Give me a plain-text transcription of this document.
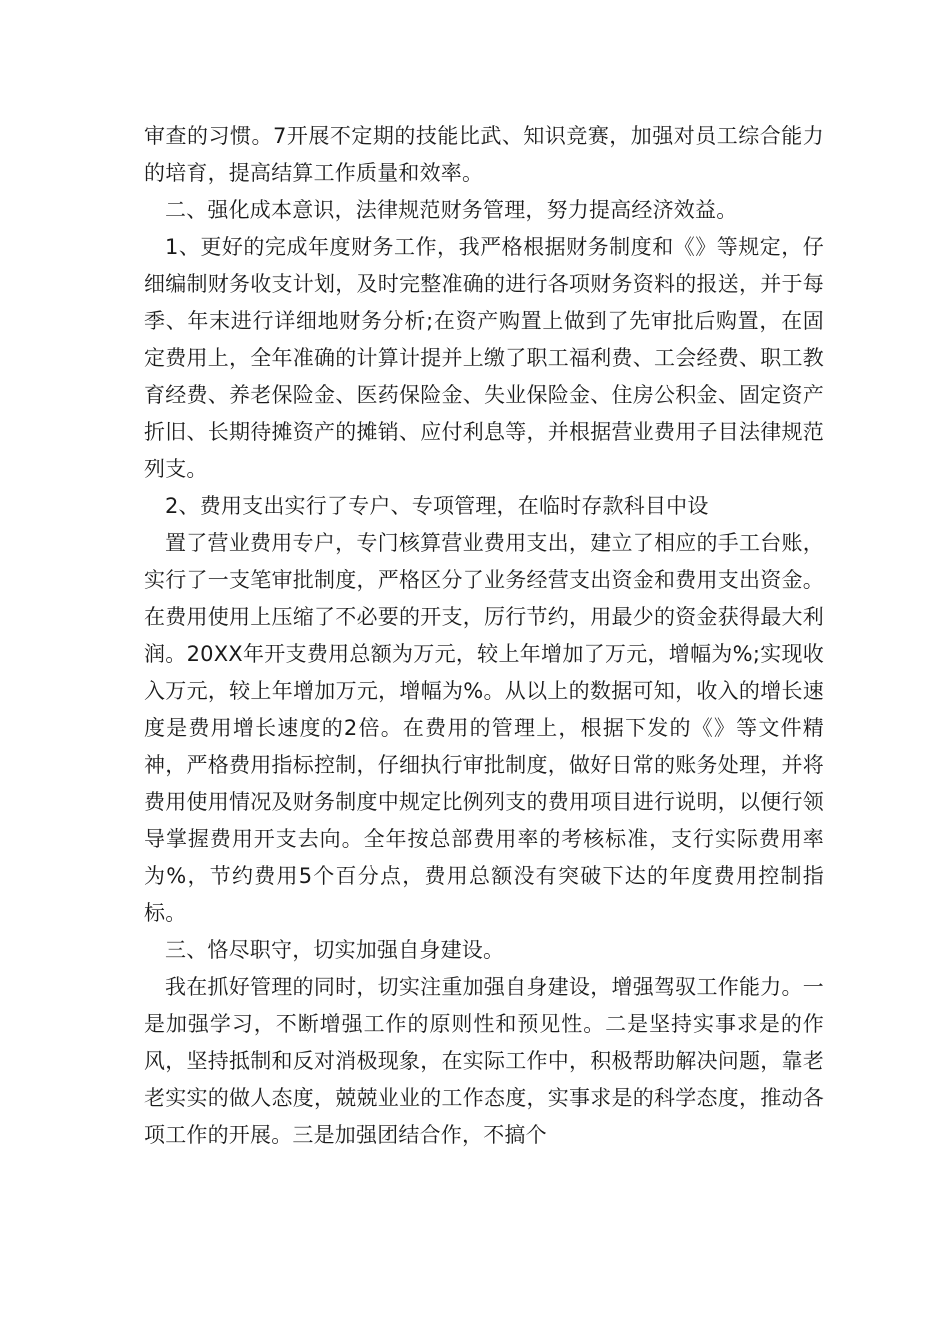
审查的习惯。7开展不定期的技能比武、知识竞赛，加强对员工综合能力的培育，提高结算工作质量和效率。

二、强化成本意识，法律规范财务管理，努力提高经济效益。

1、更好的完成年度财务工作，我严格根据财务制度和《》等规定，仔细编制财务收支计划，及时完整准确的进行各项财务资料的报送，并于每季、年末进行详细地财务分析;在资产购置上做到了先审批后购置，在固定费用上，全年准确的计算计提并上缴了职工福利费、工会经费、职工教育经费、养老保险金、医药保险金、失业保险金、住房公积金、固定资产折旧、长期待摊资产的摊销、应付利息等，并根据营业费用子目法律规范列支。

2、费用支出实行了专户、专项管理，在临时存款科目中设

置了营业费用专户，专门核算营业费用支出，建立了相应的手工台账，实行了一支笔审批制度，严格区分了业务经营支出资金和费用支出资金。在费用使用上压缩了不必要的开支，厉行节约，用最少的资金获得最大利润。20XX年开支费用总额为万元，较上年增加了万元，增幅为%;实现收入万元，较上年增加万元，增幅为%。从以上的数据可知，收入的增长速度是费用增长速度的2倍。在费用的管理上，根据下发的《》等文件精神，严格费用指标控制，仔细执行审批制度，做好日常的账务处理，并将费用使用情况及财务制度中规定比例列支的费用项目进行说明，以便行领导掌握费用开支去向。全年按总部费用率的考核标准，支行实际费用率为%，节约费用5个百分点，费用总额没有突破下达的年度费用控制指标。

三、恪尽职守，切实加强自身建设。

我在抓好管理的同时，切实注重加强自身建设，增强驾驭工作能力。一是加强学习，不断增强工作的原则性和预见性。二是坚持实事求是的作风，坚持抵制和反对消极现象，在实际工作中，积极帮助解决问题，靠老老实实的做人态度，兢兢业业的工作态度，实事求是的科学态度，推动各项工作的开展。三是加强团结合作，不搞个
